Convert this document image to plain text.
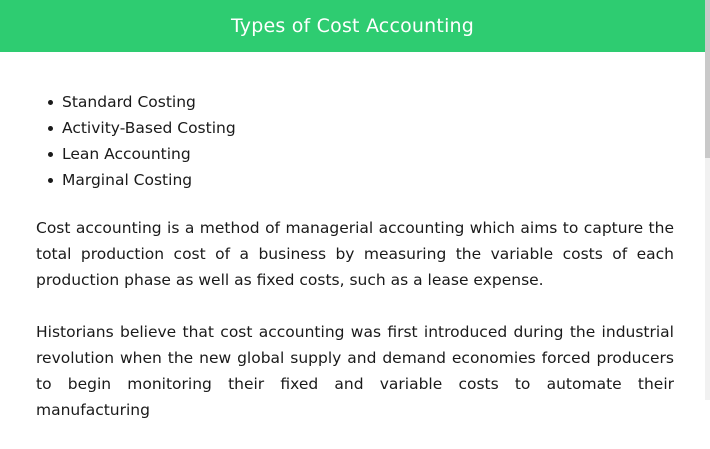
Types of Cost Accounting
Standard Costing
Activity-Based Costing
Lean Accounting
Marginal Costing

Cost accounting is a method of managerial accounting which aims to capture the total production cost of a business by measuring the variable costs of each production phase as well as fixed costs, such as a lease expense.

Historians believe that cost accounting was first introduced during the industrial revolution when the new global supply and demand economies forced producers to begin monitoring their fixed and variable costs to automate their manufacturing
